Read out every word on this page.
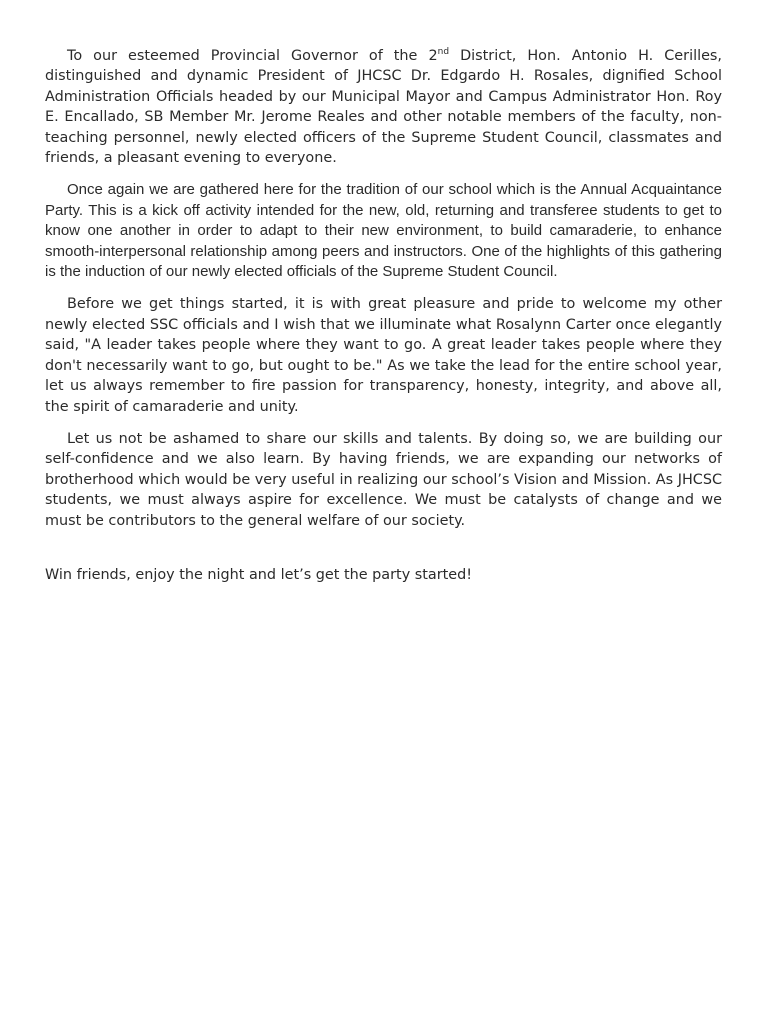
To our esteemed Provincial Governor of the 2nd District, Hon. Antonio H. Cerilles, distinguished and dynamic President of JHCSC Dr. Edgardo H. Rosales, dignified School Administration Officials headed by our Municipal Mayor and Campus Administrator Hon. Roy E. Encallado, SB Member Mr. Jerome Reales and other notable members of the faculty, non-teaching personnel, newly elected officers of the Supreme Student Council, classmates and friends, a pleasant evening to everyone.

Once again we are gathered here for the tradition of our school which is the Annual Acquaintance Party. This is a kick off activity intended for the new, old, returning and transferee students to get to know one another in order to adapt to their new environment, to build camaraderie, to enhance smooth-interpersonal relationship among peers and instructors. One of the highlights of this gathering is the induction of our newly elected officials of the Supreme Student Council.

Before we get things started, it is with great pleasure and pride to welcome my other newly elected SSC officials and I wish that we illuminate what Rosalynn Carter once elegantly said, "A leader takes people where they want to go. A great leader takes people where they don't necessarily want to go, but ought to be." As we take the lead for the entire school year, let us always remember to fire passion for transparency, honesty, integrity, and above all, the spirit of camaraderie and unity.

Let us not be ashamed to share our skills and talents. By doing so, we are building our self-confidence and we also learn. By having friends, we are expanding our networks of brotherhood which would be very useful in realizing our school’s Vision and Mission. As JHCSC students, we must always aspire for excellence. We must be catalysts of change and we must be contributors to the general welfare of our society.

Win friends, enjoy the night and let’s get the party started!
